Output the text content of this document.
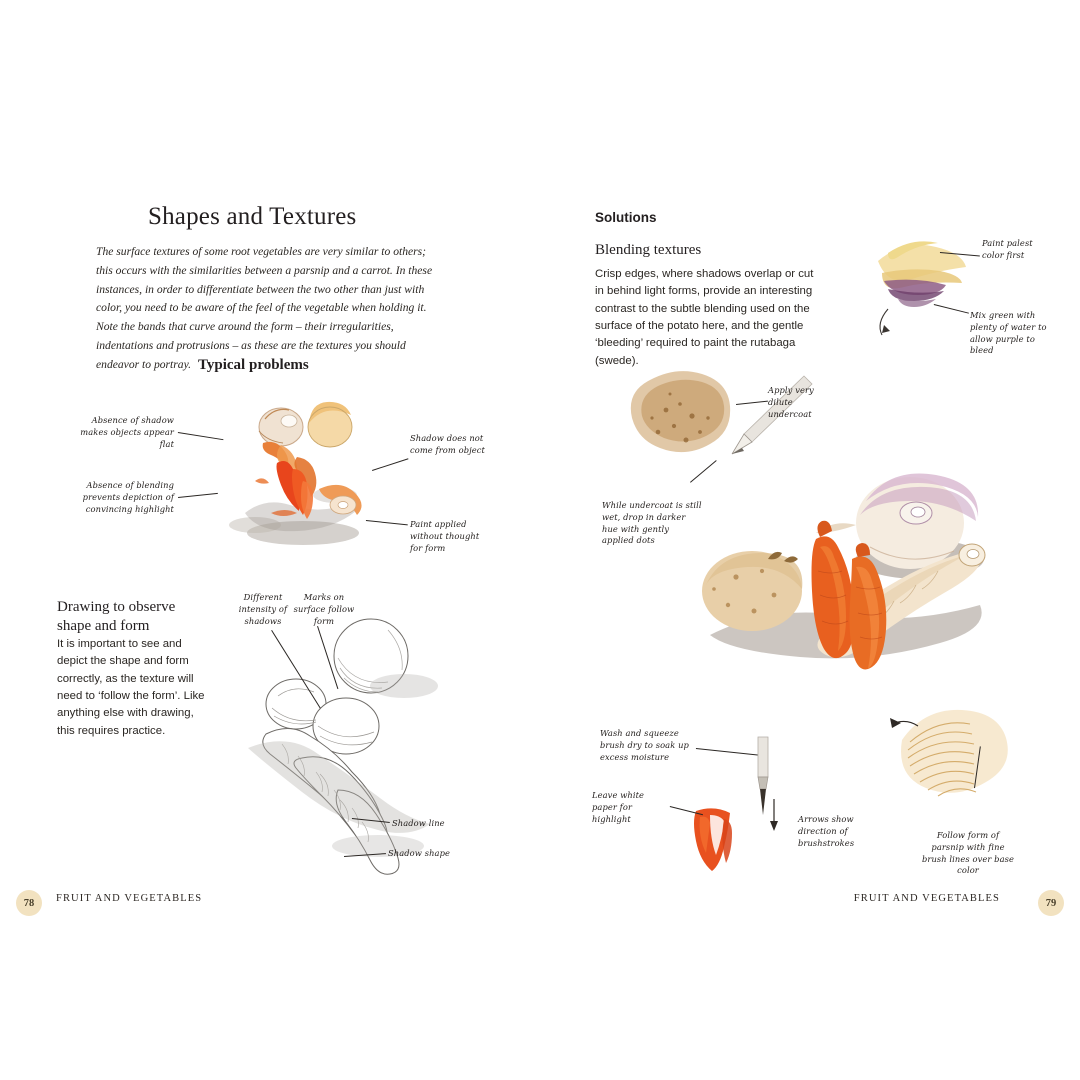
Shapes and Textures
The surface textures of some root vegetables are very similar to others; this occurs with the similarities between a parsnip and a carrot. In these instances, in order to differentiate between the two other than just with color, you need to be aware of the feel of the vegetable when holding it. Note the bands that curve around the form – their irregularities, indentations and protrusions – as these are the textures you should endeavor to portray. Typical problems
Absence of shadow makes objects appear flat
Absence of blending prevents depiction of convincing highlight
Shadow does not come from object
Paint applied without thought for form
Drawing to observe shape and form
It is important to see and depict the shape and form correctly, as the texture will need to ‘follow the form’. Like anything else with drawing, this requires practice.
Different intensity of shadows
Marks on surface follow form
Shadow line
Shadow shape
78	FRUIT AND VEGETABLES
Solutions
Blending textures
Crisp edges, where shadows overlap or cut in behind light forms, provide an interesting contrast to the subtle blending used on the surface of the potato here, and the gentle ‘bleeding’ required to paint the rutabaga (swede).
Paint palest color first
Mix green with plenty of water to allow purple to bleed
Apply very dilute undercoat
While undercoat is still wet, drop in darker hue with gently applied dots
Wash and squeeze brush dry to soak up excess moisture
Leave white paper for highlight	Arrows show direction of brushstrokes
Follow form of parsnip with fine brush lines over base color
FRUIT AND VEGETABLES	79
